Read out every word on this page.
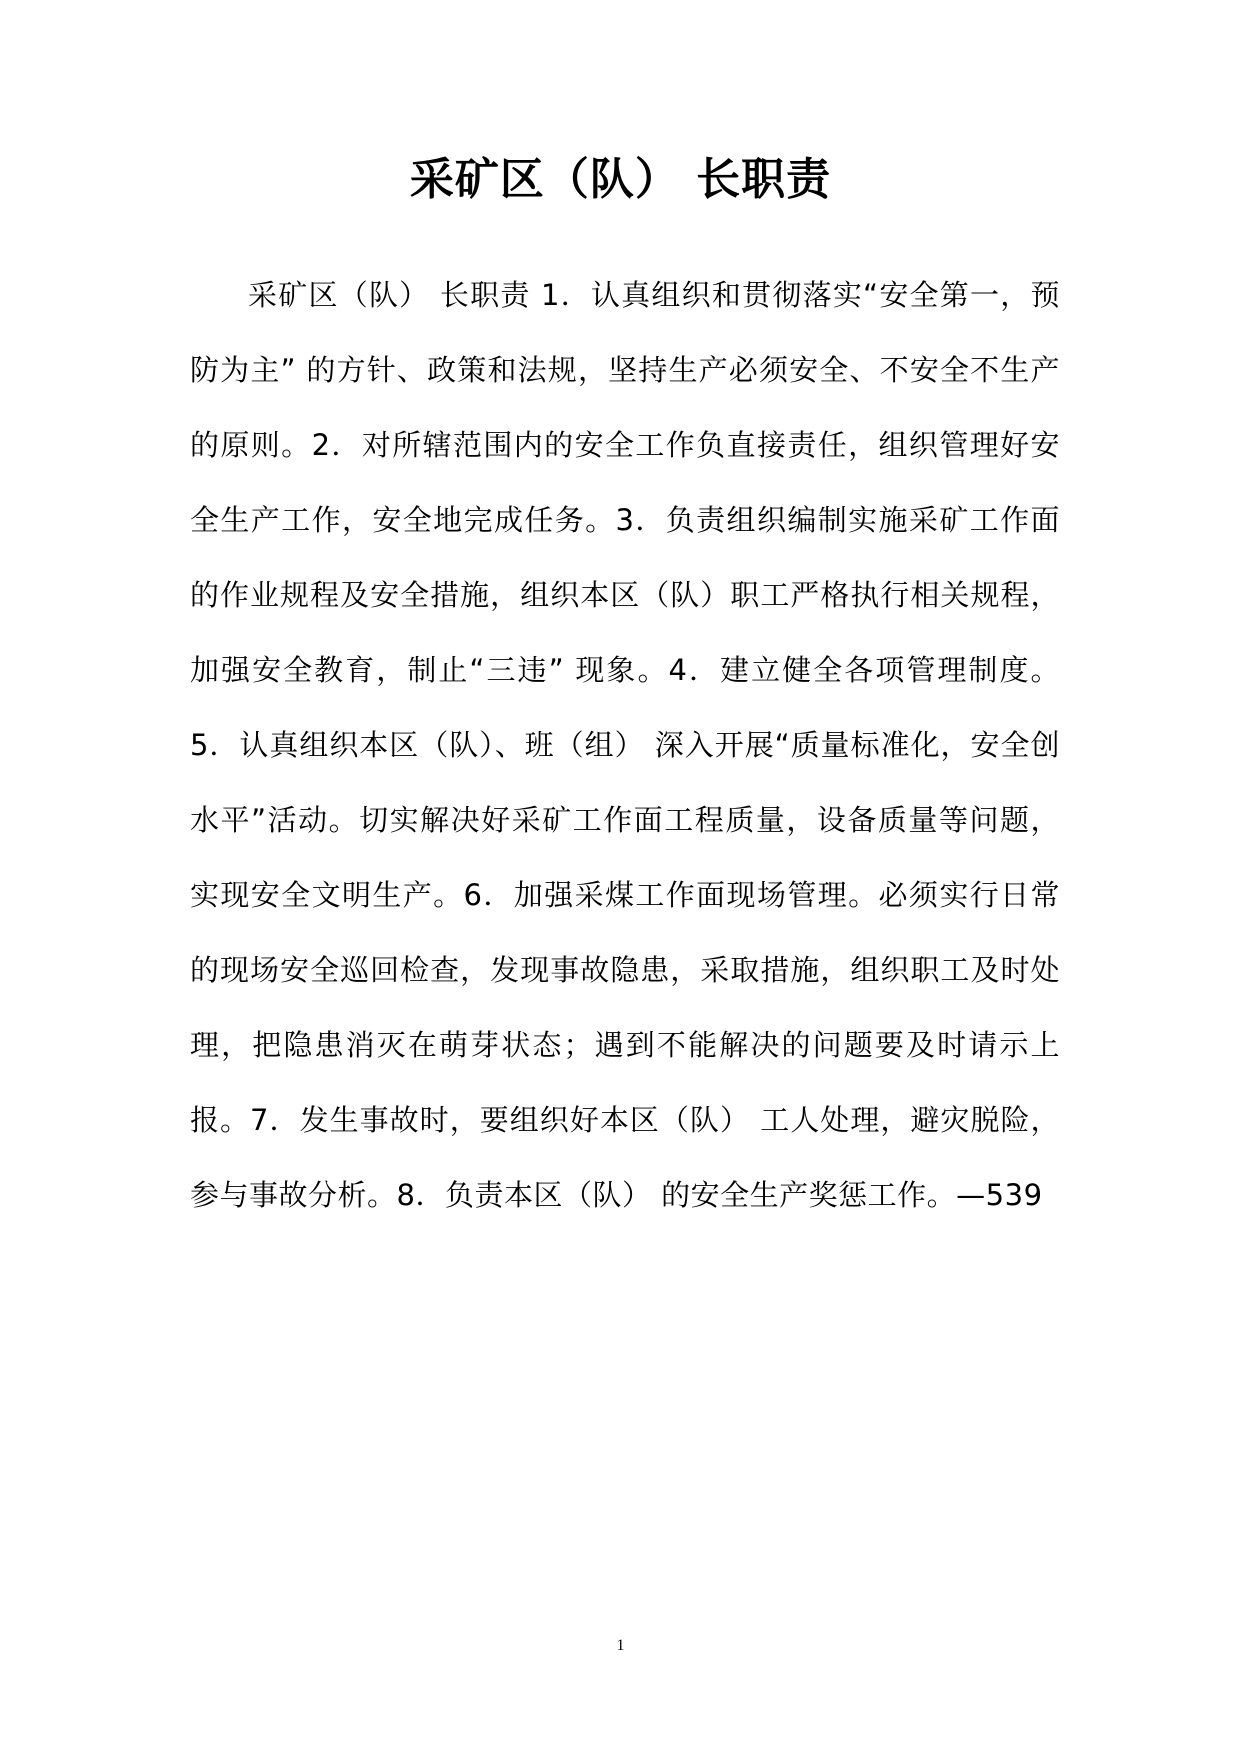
采矿区（队） 长职责

采矿区（队） 长职责 1．认真组织和贯彻落实“安全第一，预防为主” 的方针、政策和法规，坚持生产必须安全、不安全不生产的原则。2．对所辖范围内的安全工作负直接责任，组织管理好安全生产工作，安全地完成任务。3．负责组织编制实施采矿工作面的作业规程及安全措施，组织本区（队）职工严格执行相关规程，加强安全教育，制止“三违” 现象。4．建立健全各项管理制度。5．认真组织本区（队）、班（组） 深入开展“质量标准化，安全创水平”活动。切实解决好采矿工作面工程质量，设备质量等问题，实现安全文明生产。6．加强采煤工作面现场管理。必须实行日常的现场安全巡回检查，发现事故隐患，采取措施，组织职工及时处理，把隐患消灭在萌芽状态；遇到不能解决的问题要及时请示上报。7．发生事故时，要组织好本区（队） 工人处理，避灾脱险，参与事故分析。8．负责本区（队） 的安全生产奖惩工作。—539

1
